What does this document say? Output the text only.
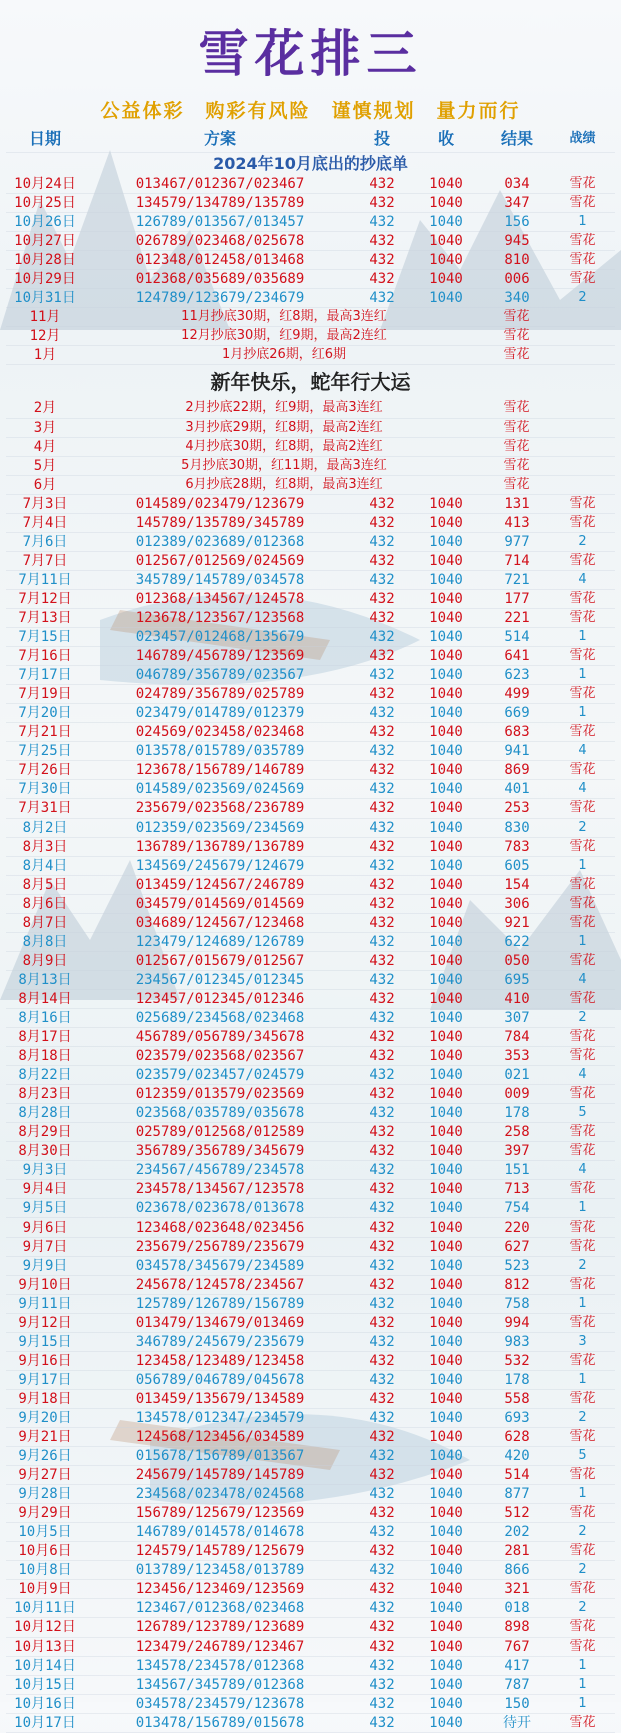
雪花排三
公益体彩　购彩有风险　谨慎规划　量力而行
日期	方案	投	收	结果	战绩
2024年10月底出的抄底单
10月24日	013467/012367/023467	432	1040	034	雪花
10月25日	134579/134789/135789	432	1040	347	雪花
10月26日	126789/013567/013457	432	1040	156	1
10月27日	026789/023468/025678	432	1040	945	雪花
10月28日	012348/012458/013468	432	1040	810	雪花
10月29日	012368/035689/035689	432	1040	006	雪花
10月31日	124789/123679/234679	432	1040	340	2
11月	11月抄底30期，红8期，最高3连红	雪花
12月	12月抄底30期，红9期，最高2连红	雪花
1月	1月抄底26期，红6期	雪花
新年快乐，蛇年行大运
2月	2月抄底22期，红9期，最高3连红	雪花
3月	3月抄底29期，红8期，最高2连红	雪花
4月	4月抄底30期，红8期，最高2连红	雪花
5月	5月抄底30期，红11期，最高3连红	雪花
6月	6月抄底28期，红8期，最高3连红	雪花
7月3日	014589/023479/123679	432	1040	131	雪花
7月4日	145789/135789/345789	432	1040	413	雪花
7月6日	012389/023689/012368	432	1040	977	2
7月7日	012567/012569/024569	432	1040	714	雪花
7月11日	345789/145789/034578	432	1040	721	4
7月12日	012368/134567/124578	432	1040	177	雪花
7月13日	123678/123567/123568	432	1040	221	雪花
7月15日	023457/012468/135679	432	1040	514	1
7月16日	146789/456789/123569	432	1040	641	雪花
7月17日	046789/356789/023567	432	1040	623	1
7月19日	024789/356789/025789	432	1040	499	雪花
7月20日	023479/014789/012379	432	1040	669	1
7月21日	024569/023458/023468	432	1040	683	雪花
7月25日	013578/015789/035789	432	1040	941	4
7月26日	123678/156789/146789	432	1040	869	雪花
7月30日	014589/023569/024569	432	1040	401	4
7月31日	235679/023568/236789	432	1040	253	雪花
8月2日	012359/023569/234569	432	1040	830	2
8月3日	136789/136789/136789	432	1040	783	雪花
8月4日	134569/245679/124679	432	1040	605	1
8月5日	013459/124567/246789	432	1040	154	雪花
8月6日	034579/014569/014569	432	1040	306	雪花
8月7日	034689/124567/123468	432	1040	921	雪花
8月8日	123479/124689/126789	432	1040	622	1
8月9日	012567/015679/012567	432	1040	050	雪花
8月13日	234567/012345/012345	432	1040	695	4
8月14日	123457/012345/012346	432	1040	410	雪花
8月16日	025689/234568/023468	432	1040	307	2
8月17日	456789/056789/345678	432	1040	784	雪花
8月18日	023579/023568/023567	432	1040	353	雪花
8月22日	023579/023457/024579	432	1040	021	4
8月23日	012359/013579/023569	432	1040	009	雪花
8月28日	023568/035789/035678	432	1040	178	5
8月29日	025789/012568/012589	432	1040	258	雪花
8月30日	356789/356789/345679	432	1040	397	雪花
9月3日	234567/456789/234578	432	1040	151	4
9月4日	234578/134567/123578	432	1040	713	雪花
9月5日	023678/023678/013678	432	1040	754	1
9月6日	123468/023648/023456	432	1040	220	雪花
9月7日	235679/256789/235679	432	1040	627	雪花
9月9日	034578/345679/234589	432	1040	523	2
9月10日	245678/124578/234567	432	1040	812	雪花
9月11日	125789/126789/156789	432	1040	758	1
9月12日	013479/134679/013469	432	1040	994	雪花
9月15日	346789/245679/235679	432	1040	983	3
9月16日	123458/123489/123458	432	1040	532	雪花
9月17日	056789/046789/045678	432	1040	178	1
9月18日	013459/135679/134589	432	1040	558	雪花
9月20日	134578/012347/234579	432	1040	693	2
9月21日	124568/123456/034589	432	1040	628	雪花
9月26日	015678/156789/013567	432	1040	420	5
9月27日	245679/145789/145789	432	1040	514	雪花
9月28日	234568/023478/024568	432	1040	877	1
9月29日	156789/125679/123569	432	1040	512	雪花
10月5日	146789/014578/014678	432	1040	202	2
10月6日	124579/145789/125679	432	1040	281	雪花
10月8日	013789/123458/013789	432	1040	866	2
10月9日	123456/123469/123569	432	1040	321	雪花
10月11日	123467/012368/023468	432	1040	018	2
10月12日	126789/123789/123689	432	1040	898	雪花
10月13日	123479/246789/123467	432	1040	767	雪花
10月14日	134578/234578/012368	432	1040	417	1
10月15日	134567/345789/012368	432	1040	787	1
10月16日	034578/234579/123678	432	1040	150	1
10月17日	013478/156789/015678	432	1040	待开	雪花
